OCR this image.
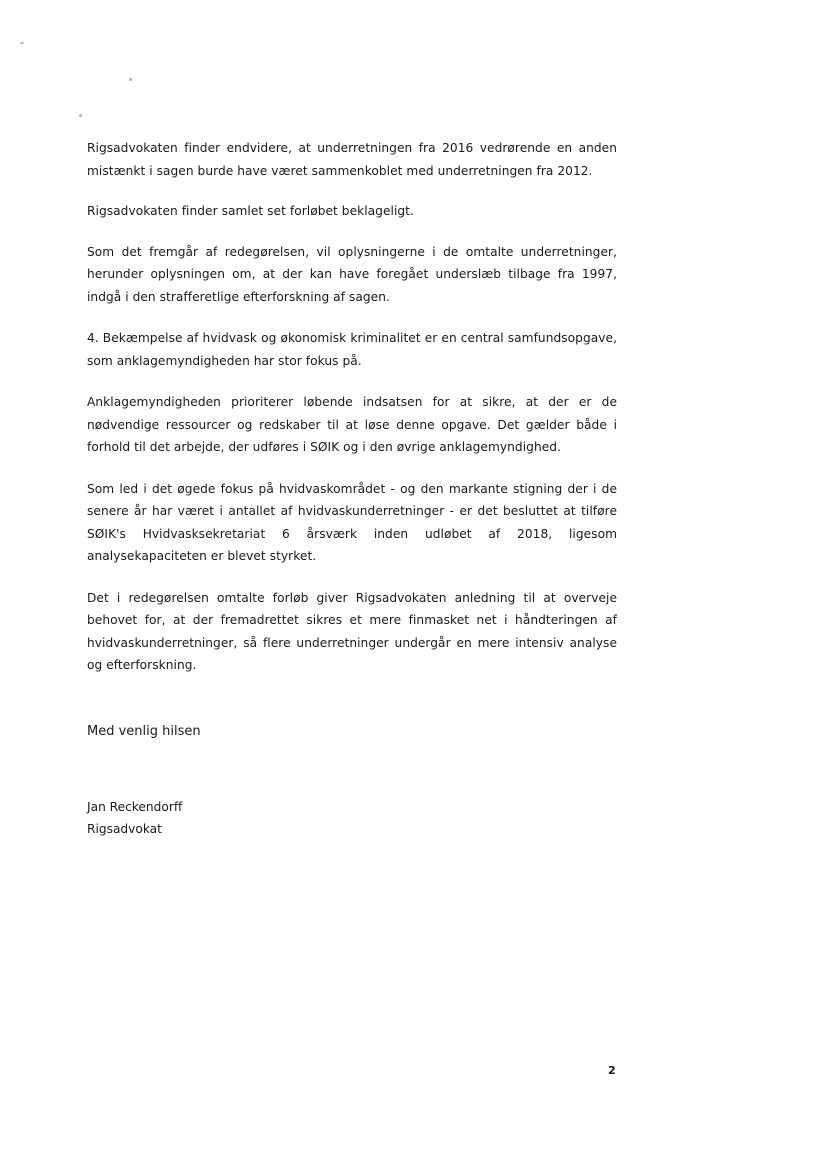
Rigsadvokaten finder endvidere, at underretningen fra 2016 vedrørende en anden mistænkt i sagen burde have været sammenkoblet med underretningen fra 2012.

Rigsadvokaten finder samlet set forløbet beklageligt.

Som det fremgår af redegørelsen, vil oplysningerne i de omtalte underretninger, herunder oplysningen om, at der kan have foregået underslæb tilbage fra 1997, indgå i den strafferetlige efterforskning af sagen.

4. Bekæmpelse af hvidvask og økonomisk kriminalitet er en central samfundsopgave, som anklagemyndigheden har stor fokus på.

Anklagemyndigheden prioriterer løbende indsatsen for at sikre, at der er de nødvendige ressourcer og redskaber til at løse denne opgave. Det gælder både i forhold til det arbejde, der udføres i SØIK og i den øvrige anklagemyndighed.

Som led i det øgede fokus på hvidvaskområdet - og den markante stigning der i de senere år har været i antallet af hvidvaskunderretninger - er det besluttet at tilføre SØIK's Hvidvasksekretariat 6 årsværk inden udløbet af 2018, ligesom analysekapaciteten er blevet styrket.

Det i redegørelsen omtalte forløb giver Rigsadvokaten anledning til at overveje behovet for, at der fremadrettet sikres et mere finmasket net i håndteringen af hvidvaskunderretninger, så flere underretninger undergår en mere intensiv analyse og efterforskning.

Med venlig hilsen

Jan Reckendorff
Rigsadvokat
2
